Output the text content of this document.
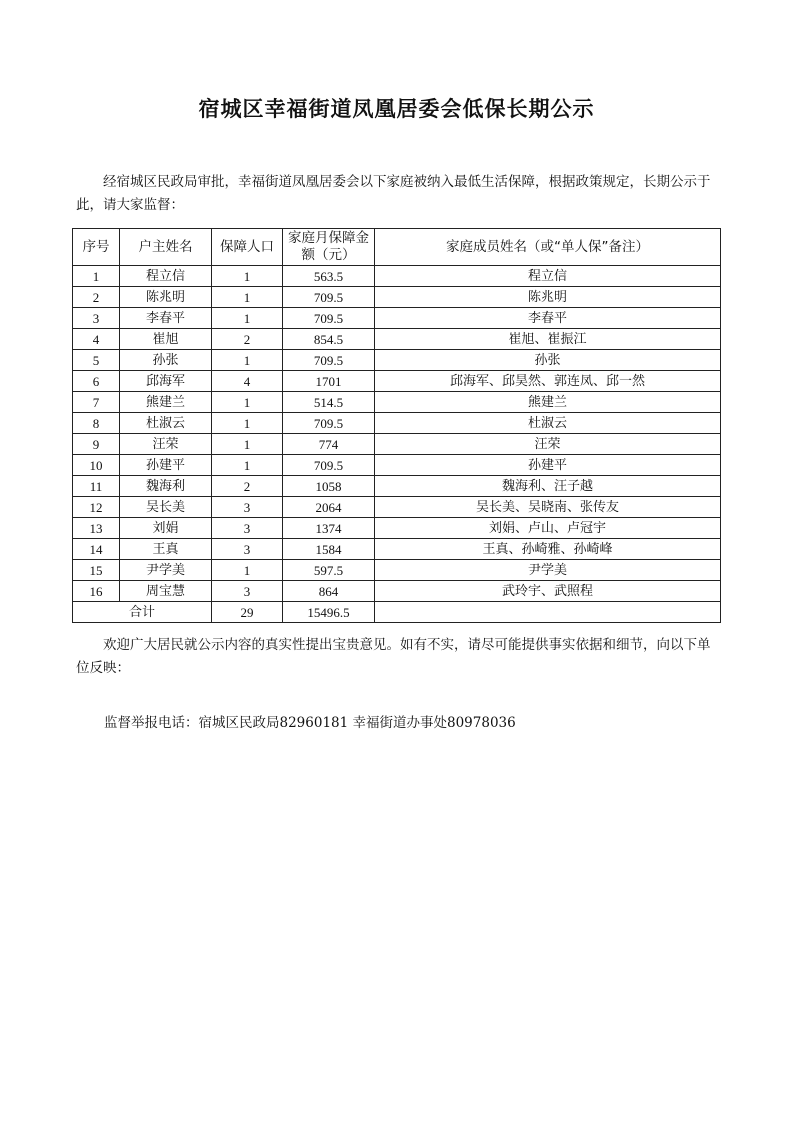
宿城区幸福街道凤凰居委会低保长期公示
经宿城区民政局审批，幸福街道凤凰居委会以下家庭被纳入最低生活保障，根据政策规定，长期公示于此，请大家监督：
序号	户主姓名	保障人口	家庭月保障金额（元）	家庭成员姓名（或“单人保”备注）
1	程立信	1	563.5	程立信
2	陈兆明	1	709.5	陈兆明
3	李春平	1	709.5	李春平
4	崔旭	2	854.5	崔旭、崔振江
5	孙张	1	709.5	孙张
6	邱海军	4	1701	邱海军、邱昊然、郭连凤、邱一然
7	熊建兰	1	514.5	熊建兰
8	杜淑云	1	709.5	杜淑云
9	汪荣	1	774	汪荣
10	孙建平	1	709.5	孙建平
11	魏海利	2	1058	魏海利、汪子越
12	吴长美	3	2064	吴长美、吴晓南、张传友
13	刘娟	3	1374	刘娟、卢山、卢冠宇
14	王真	3	1584	王真、孙崎雅、孙崎峰
15	尹学美	1	597.5	尹学美
16	周宝慧	3	864	武玲宇、武照程
合计		29	15496.5	
欢迎广大居民就公示内容的真实性提出宝贵意见。如有不实，请尽可能提供事实依据和细节，向以下单位反映：
监督举报电话：宿城区民政局82960181 幸福街道办事处80978036
